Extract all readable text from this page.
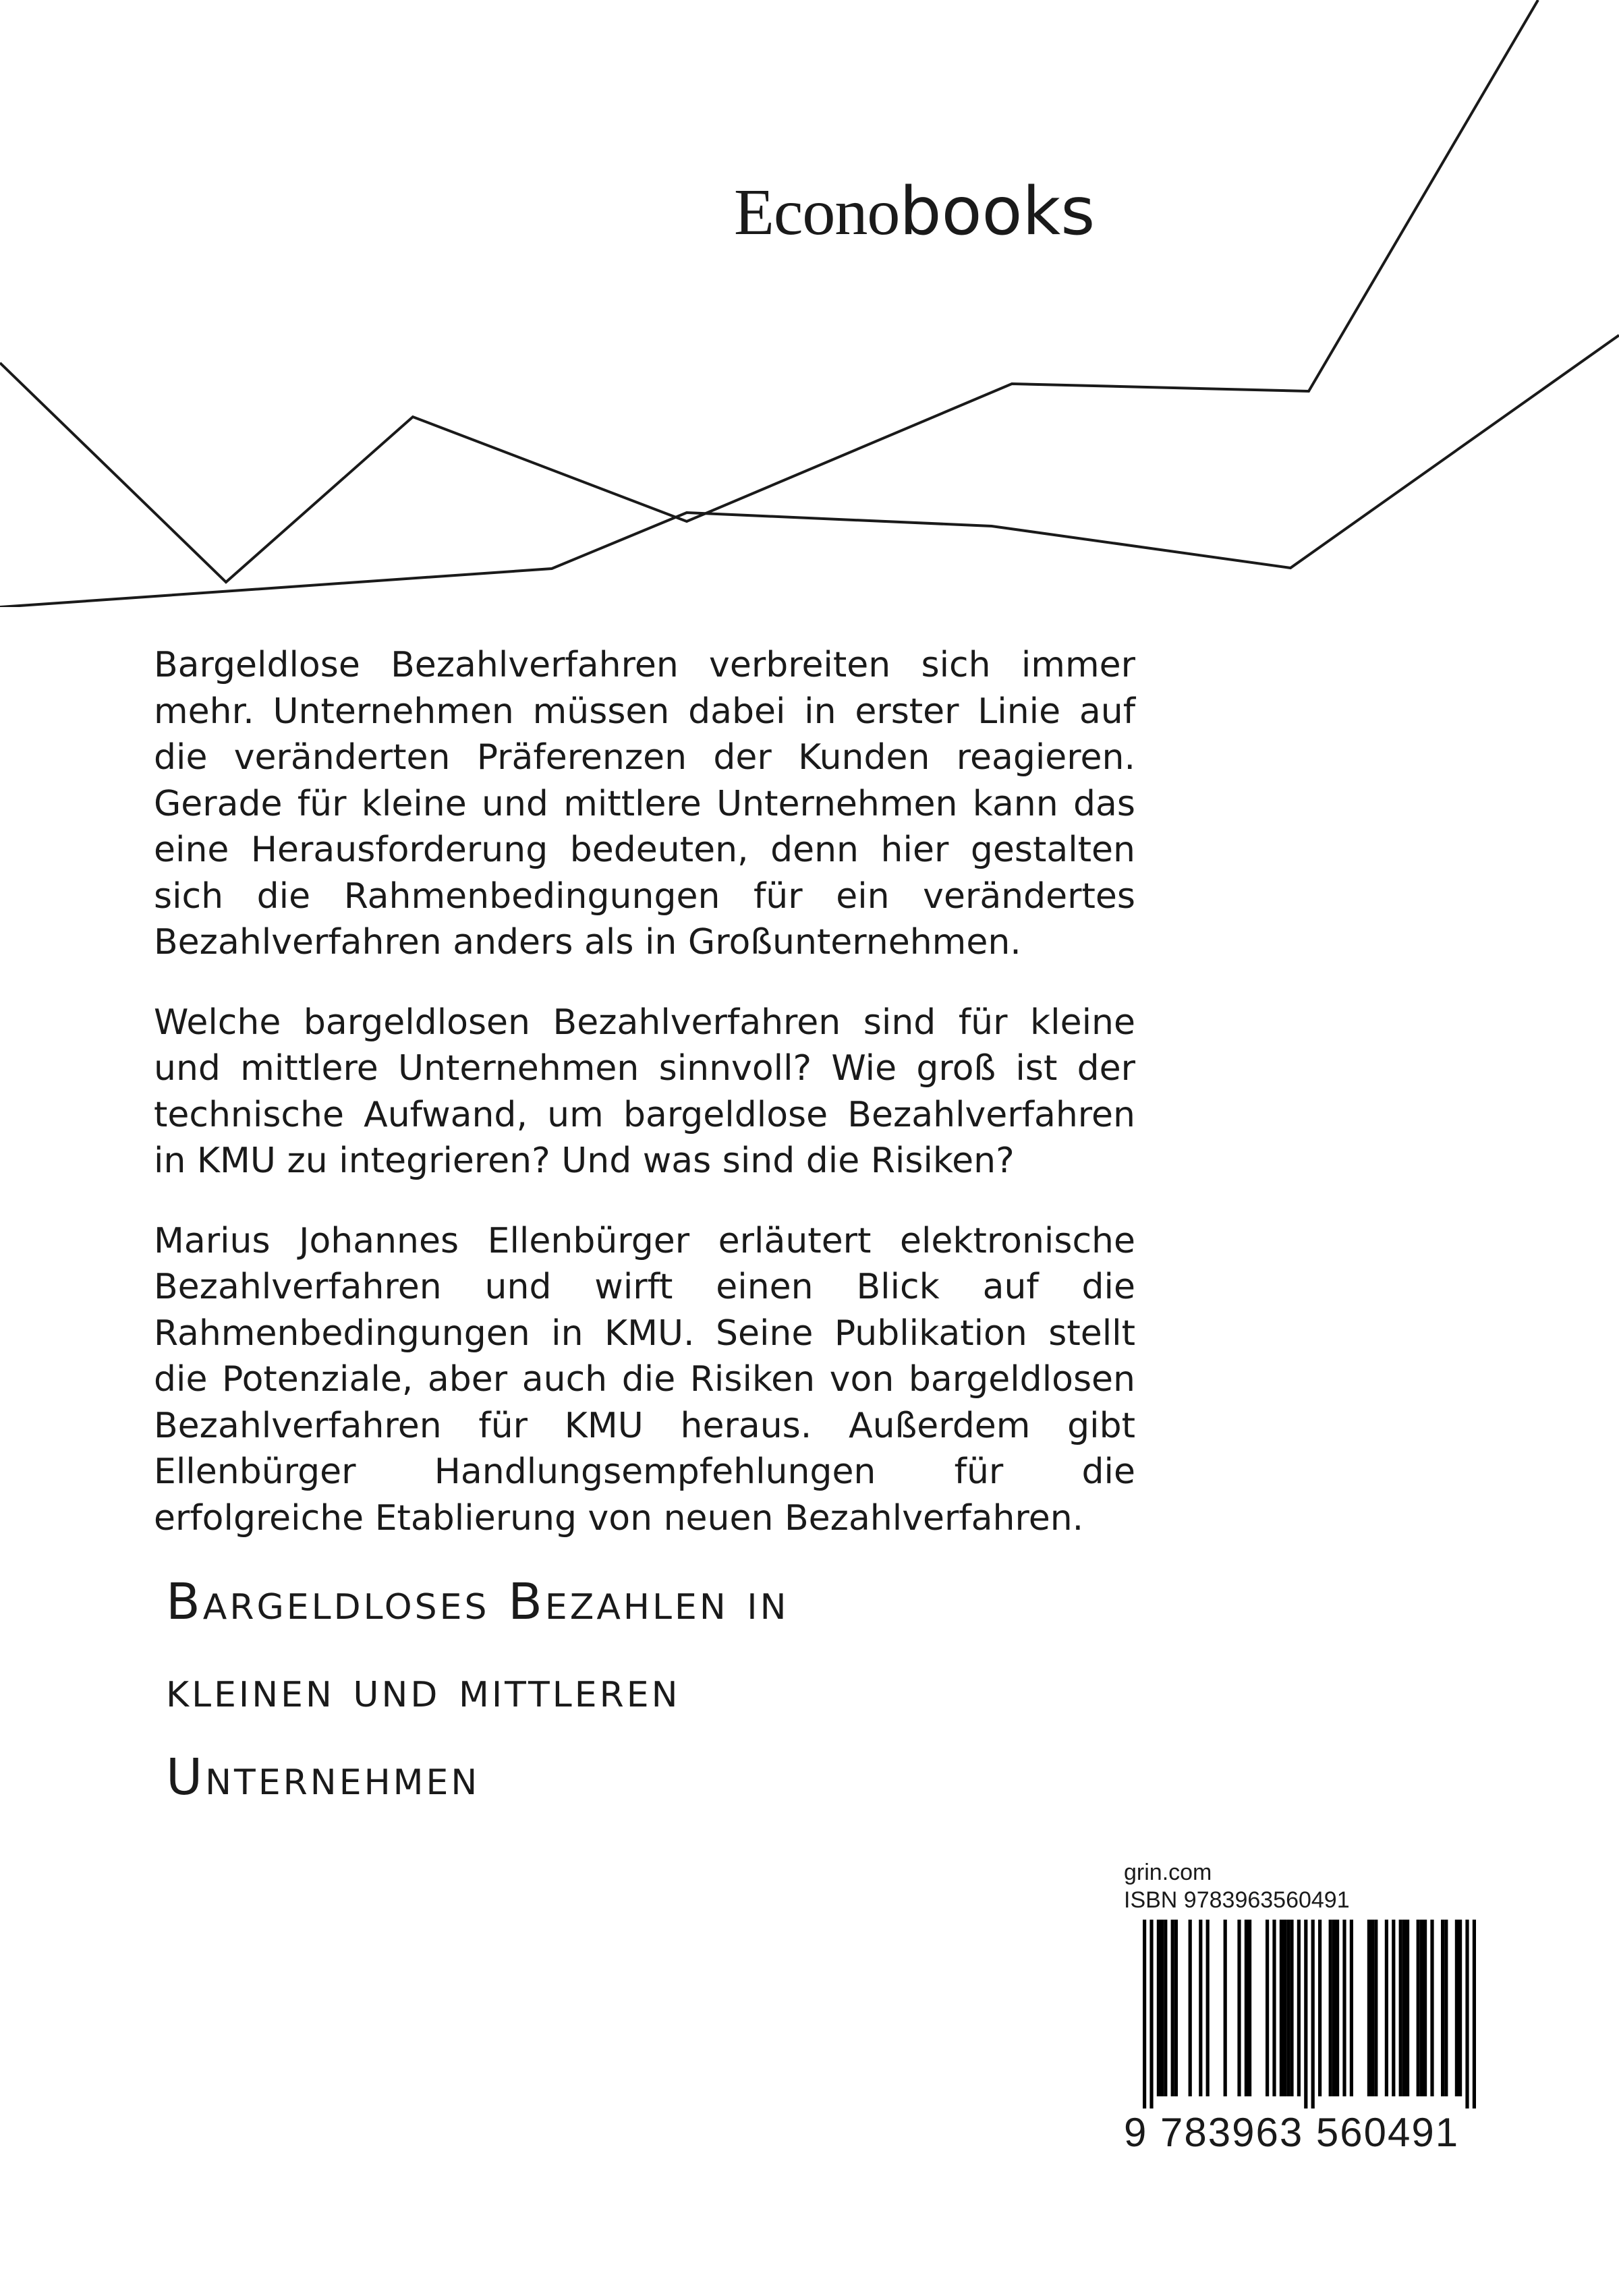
Econobooks

Bargeldlose Bezahlverfahren verbreiten sich immer mehr. Unternehmen müssen dabei in erster Linie auf die veränderten Präferenzen der Kunden reagieren. Gerade für kleine und mittlere Unternehmen kann das eine Herausforderung bedeuten, denn hier gestalten sich die Rahmenbedingungen für ein verändertes Bezahlverfahren anders als in Großunternehmen.

Welche bargeldlosen Bezahlverfahren sind für kleine und mittlere Unternehmen sinnvoll? Wie groß ist der technische Aufwand, um bargeldlose Bezahlverfahren in KMU zu integrieren? Und was sind die Risiken?

Marius Johannes Ellenbürger erläutert elektronische Bezahlverfahren und wirft einen Blick auf die Rahmenbedingungen in KMU. Seine Publikation stellt die Potenziale, aber auch die Risiken von bargeldlosen Bezahlverfahren für KMU heraus. Außerdem gibt Ellenbürger Handlungsempfehlungen für die erfolgreiche Etablierung von neuen Bezahlverfahren.

Bargeldloses Bezahlen in

kleinen und mittleren

Unternehmen

grin.com
ISBN 9783963560491
9 783963 560491
